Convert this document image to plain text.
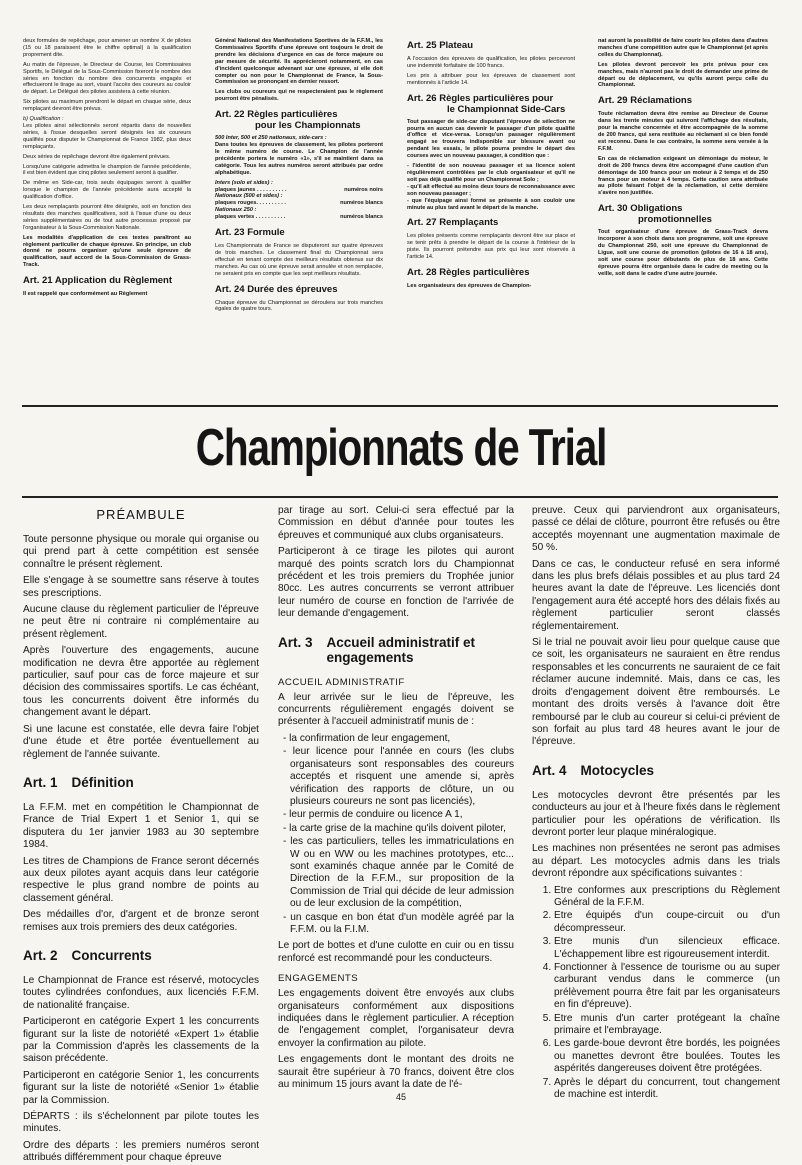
deux formules de repêchage, pour amener un nombre X de pilotes (15 ou 18 paraissent être le chiffre optimal) à la qualification proprement dite.

Au matin de l'épreuve, le Directeur de Course, les Commissaires Sportifs, le Délégué de la Sous-Commission fixeront le nombre des séries en fonction du nombre des concurrents engagés et effectueront le tirage au sort, visant l'accès des coureurs au couloir de départ. Le Délégué des pilotes assistera à cette réunion.

Six pilotes au maximum prendront le départ en chaque série, deux remplaçant devront être prévus.

b) Qualification :

Les pilotes ainsi sélectionnés seront répartis dans de nouvelles séries, à l'issue desquelles seront désignés les six coureurs qualifiés pour disputer le Championnat de France 1982, plus deux remplaçants.

Deux séries de repêchage devront être également prévues.

Lorsqu'une catégorie admettra le champion de l'année précédente, il est bien évident que cinq pilotes seulement seront à qualifier.

De même en Side-car, trois seuls équipages seront à qualifier lorsque le champion de l'année précédente aura accepté la qualification d'office.

Les deux remplaçants pourront être désignés, soit en fonction des résultats des manches qualificatives, soit à l'issue d'une ou deux séries supplémentaires ou de tout autre processus proposé par l'organisateur à la Sous-Commission Nationale.

Les modalités d'application de ces textes paraîtront au règlement particulier de chaque épreuve. En principe, un club donné ne pourra organiser qu'une seule épreuve de qualification, sauf accord de la Sous-Commission de Grass-Track.

Art. 21 Application du Règlement

Il est rappelé que conformément au Règlement

Général National des Manifestations Sportives de la F.F.M., les Commissaires Sportifs d'une épreuve ont toujours le droit de prendre les décisions d'urgence en cas de force majeure ou par mesure de sécurité. Ils apprécieront notamment, en cas d'incident quelconque advenant sur une épreuve, si elle doit compter ou non pour le Championnat de France, la Sous-Commission se prononçant en dernier ressort.

Les clubs ou coureurs qui ne respecteraient pas le règlement pourront être pénalisés.

Art. 22 Règles particulières
pour les Championnats

500 Inter, 500 et 250 nationaux, side-cars :

Dans toutes les épreuves de classement, les pilotes porteront le même numéro de course. Le Champion de l'année précédente portera le numéro «1», s'il se maintient dans sa catégorie. Tous les autres numéros seront attribués par ordre alphabétique.

Inters (solo et sides) :
plaques jaunes . . . . . . . . . .	numéros noirs
Nationaux (500 et sides) :
plaques rouges. . . . . . . . . .	numéros blancs
Nationaux 250 :
plaques vertes . . . . . . . . . .	numéros blancs
Art. 23 Formule

Les Championnats de France se disputeront sur quatre épreuves de trois manches. Le classement final du Championnat sera effectué en tenant compte des meilleurs résultats obtenus sur dix manches. Au cas où une épreuve serait annulée et non remplacée, ne seraient pris en compte que les sept meilleurs résultats.

Art. 24 Durée des épreuves

Chaque épreuve du Championnat se déroulera sur trois manches égales de quatre tours.

Art. 25 Plateau

A l'occasion des épreuves de qualification, les pilotes percevront une indemnité forfaitaire de 100 francs.

Les prix à attribuer pour les épreuves de classement sont mentionnés à l'article 14.

Art. 26 Règles particulières pour
le Championnat Side-Cars

Tout passager de side-car disputant l'épreuve de sélection ne pourra en aucun cas devenir le passager d'un pilote qualifié d'office et vice-versa. Lorsqu'un passager régulièrement engagé se trouvera indisponible sur blessure avant ou pendant les essais, le pilote pourra prendre le départ des courses avec un nouveau passager, à condition que :

- l'identité de son nouveau passager et sa licence soient régulièrement contrôlées par le club organisateur et qu'il ne soit pas déjà qualifié pour un Championnat Solo ;

- qu'il ait effectué au moins deux tours de reconnaissance avec son nouveau passager ;

- que l'équipage ainsi formé se présente à son couloir une minute au plus tard avant le départ de la manche.

Art. 27 Remplaçants

Les pilotes présents comme remplaçants devront être sur place et se tenir prêts à prendre le départ de la course à l'intérieur de la piste. Ils pourront prétendre aux prix qui leur sont réservés à l'article 14.

Art. 28 Règles particulières

Les organisateurs des épreuves de Champion-

nat auront la possibilité de faire courir les pilotes dans d'autres manches d'une compétition autre que le Championnat (et après celles du Championnat).

Les pilotes devront percevoir les prix prévus pour ces manches, mais n'auront pas le droit de demander une prime de départ ou de déplacement, vu qu'ils auront perçu celle du Championnat.

Art. 29 Réclamations

Toute réclamation devra être remise au Directeur de Course dans les trente minutes qui suivront l'affichage des résultats, pour la manche concernée et être accompagnée de la somme de 200 francs, qui sera restituée au réclamant si ce bien fondé est reconnu. Dans le cas contraire, la somme sera versée à la F.F.M.

En cas de réclamation exigeant un démontage du moteur, le droit de 200 francs devra être accompagné d'une caution d'un démontage de 100 francs pour un moteur à 2 temps et de 250 francs pour un moteur à 4 temps. Cette caution sera attribuée au pilote faisant l'objet de la réclamation, si cette dernière s'avère non justifiée.

Art. 30 Obligations
promotionnelles

Tout organisateur d'une épreuve de Grass-Track devra incorporer à son choix dans son programme, soit une épreuve du Championnat 250, soit une épreuve du Championnat de Ligue, soit une course de promotion (pilotes de 16 à 18 ans), soit une course pour débutants de plus de 18 ans. Cette épreuve pourra être organisée dans le cadre de meeting ou la veille, soit dans le cadre d'une autre journée.

Championnats de Trial
PRÉAMBULE

Toute personne physique ou morale qui organise ou qui prend part à cette compétition est sensée connaître le présent règlement.

Elle s'engage à se soumettre sans réserve à toutes ses prescriptions.

Aucune clause du règlement particulier de l'épreuve ne peut être ni contraire ni complémentaire au présent règlement.

Après l'ouverture des engagements, aucune modification ne devra être apportée au règlement particulier, sauf pour cas de force majeure et sur décision des commissaires sportifs. Le cas échéant, tous les concurrents doivent être informés du changement avant le départ.

Si une lacune est constatée, elle devra faire l'objet d'une étude et être portée éventuellement au règlement de l'année suivante.

Art. 1 Définition

La F.F.M. met en compétition le Championnat de France de Trial Expert 1 et Senior 1, qui se disputera du 1er janvier 1983 au 30 septembre 1984.

Les titres de Champions de France seront décernés aux deux pilotes ayant acquis dans leur catégorie respective le plus grand nombre de points au classement général.

Des médailles d'or, d'argent et de bronze seront remises aux trois premiers des deux catégories.

Art. 2 Concurrents

Le Championnat de France est réservé, motocycles toutes cylindrées confondues, aux licenciés F.F.M. de nationalité française.

Participeront en catégorie Expert 1 les concurrents figurant sur la liste de notoriété «Expert 1» établie par la Commission d'après les classements de la saison précédente.

Participeront en catégorie Senior 1, les concurrents figurant sur la liste de notoriété «Senior 1» établie par la Commission.

DÉPARTS : ils s'échelonnent par pilote toutes les minutes.

Ordre des départs : les premiers numéros seront attribués différemment pour chaque épreuve

par tirage au sort. Celui-ci sera effectué par la Commission en début d'année pour toutes les épreuves et communiqué aux clubs organisateurs.

Participeront à ce tirage les pilotes qui auront marqué des points scratch lors du Championnat précédent et les trois premiers du Trophée junior 80cc. Les autres concurrents se verront attribuer leur numéro de course en fonction de l'arrivée de leur demande d'engagement.

Art. 3 Accueil administratif et
engagements
ACCUEIL ADMINISTRATIF

A leur arrivée sur le lieu de l'épreuve, les concurrents régulièrement engagés doivent se présenter à l'accueil administratif munis de :

- la confirmation de leur engagement,
- leur licence pour l'année en cours (les clubs organisateurs sont responsables des coureurs acceptés et risquent une amende si, après vérification des rapports de clôture, un ou plusieurs coureurs ne sont pas licenciés),
- leur permis de conduire ou licence A 1,
- la carte grise de la machine qu'ils doivent piloter,
- les cas particuliers, telles les immatriculations en W ou en WW ou les machines prototypes, etc... sont examinés chaque année par le Comité de Direction de la F.F.M., sur proposition de la Commission de Trial qui décide de leur admission ou de leur exclusion de la compétition,
- un casque en bon état d'un modèle agréé par la F.F.M. ou la F.I.M.

Le port de bottes et d'une culotte en cuir ou en tissu renforcé est recommandé pour les conducteurs.

ENGAGEMENTS

Les engagements doivent être envoyés aux clubs organisateurs conformément aux dispositions indiquées dans le règlement particulier. A réception de l'engagement complet, l'organisateur devra envoyer la confirmation au pilote.

Les engagements dont le montant des droits ne saurait être supérieur à 70 francs, doivent être clos au minimum 15 jours avant la date de l'é-

preuve. Ceux qui parviendront aux organisateurs, passé ce délai de clôture, pourront être refusés ou être acceptés moyennant une augmentation maximale de 50 %.

Dans ce cas, le conducteur refusé en sera informé dans les plus brefs délais possibles et au plus tard 24 heures avant la date de l'épreuve. Les licenciés dont l'engagement aura été accepté hors des délais fixés au règlement particulier seront classés réglementairement.

Si le trial ne pouvait avoir lieu pour quelque cause que ce soit, les organisateurs ne sauraient en être rendus responsables et les concurrents ne sauraient de ce fait réclamer aucune indemnité. Mais, dans ce cas, les droits d'engagement doivent être remboursés. Le montant des droits versés à l'avance doit être remboursé par le club au coureur si celui-ci prévient de son forfait au plus tard 48 heures avant le jour de l'épreuve.

Art. 4 Motocycles

Les motocycles devront être présentés par les conducteurs au jour et à l'heure fixés dans le règlement particulier pour les opérations de vérification. Ils devront porter leur plaque minéralogique.

Les machines non présentées ne seront pas admises au départ. Les motocycles admis dans les trials devront répondre aux spécifications suivantes :

1. Etre conformes aux prescriptions du Règlement Général de la F.F.M.
2. Etre équipés d'un coupe-circuit ou d'un décompresseur.
3. Etre munis d'un silencieux efficace. L'échappement libre est rigoureusement interdit.
4. Fonctionner à l'essence de tourisme ou au super carburant vendus dans le commerce (un prélèvement pourra être fait par les organisateurs en fin d'épreuve).
5. Etre munis d'un carter protégeant la chaîne primaire et l'embrayage.
6. Les garde-boue devront être bordés, les poignées ou manettes devront être boulées. Toutes les aspérités dangereuses doivent être protégées.
7. Après le départ du concurrent, tout changement de machine est interdit.
45
